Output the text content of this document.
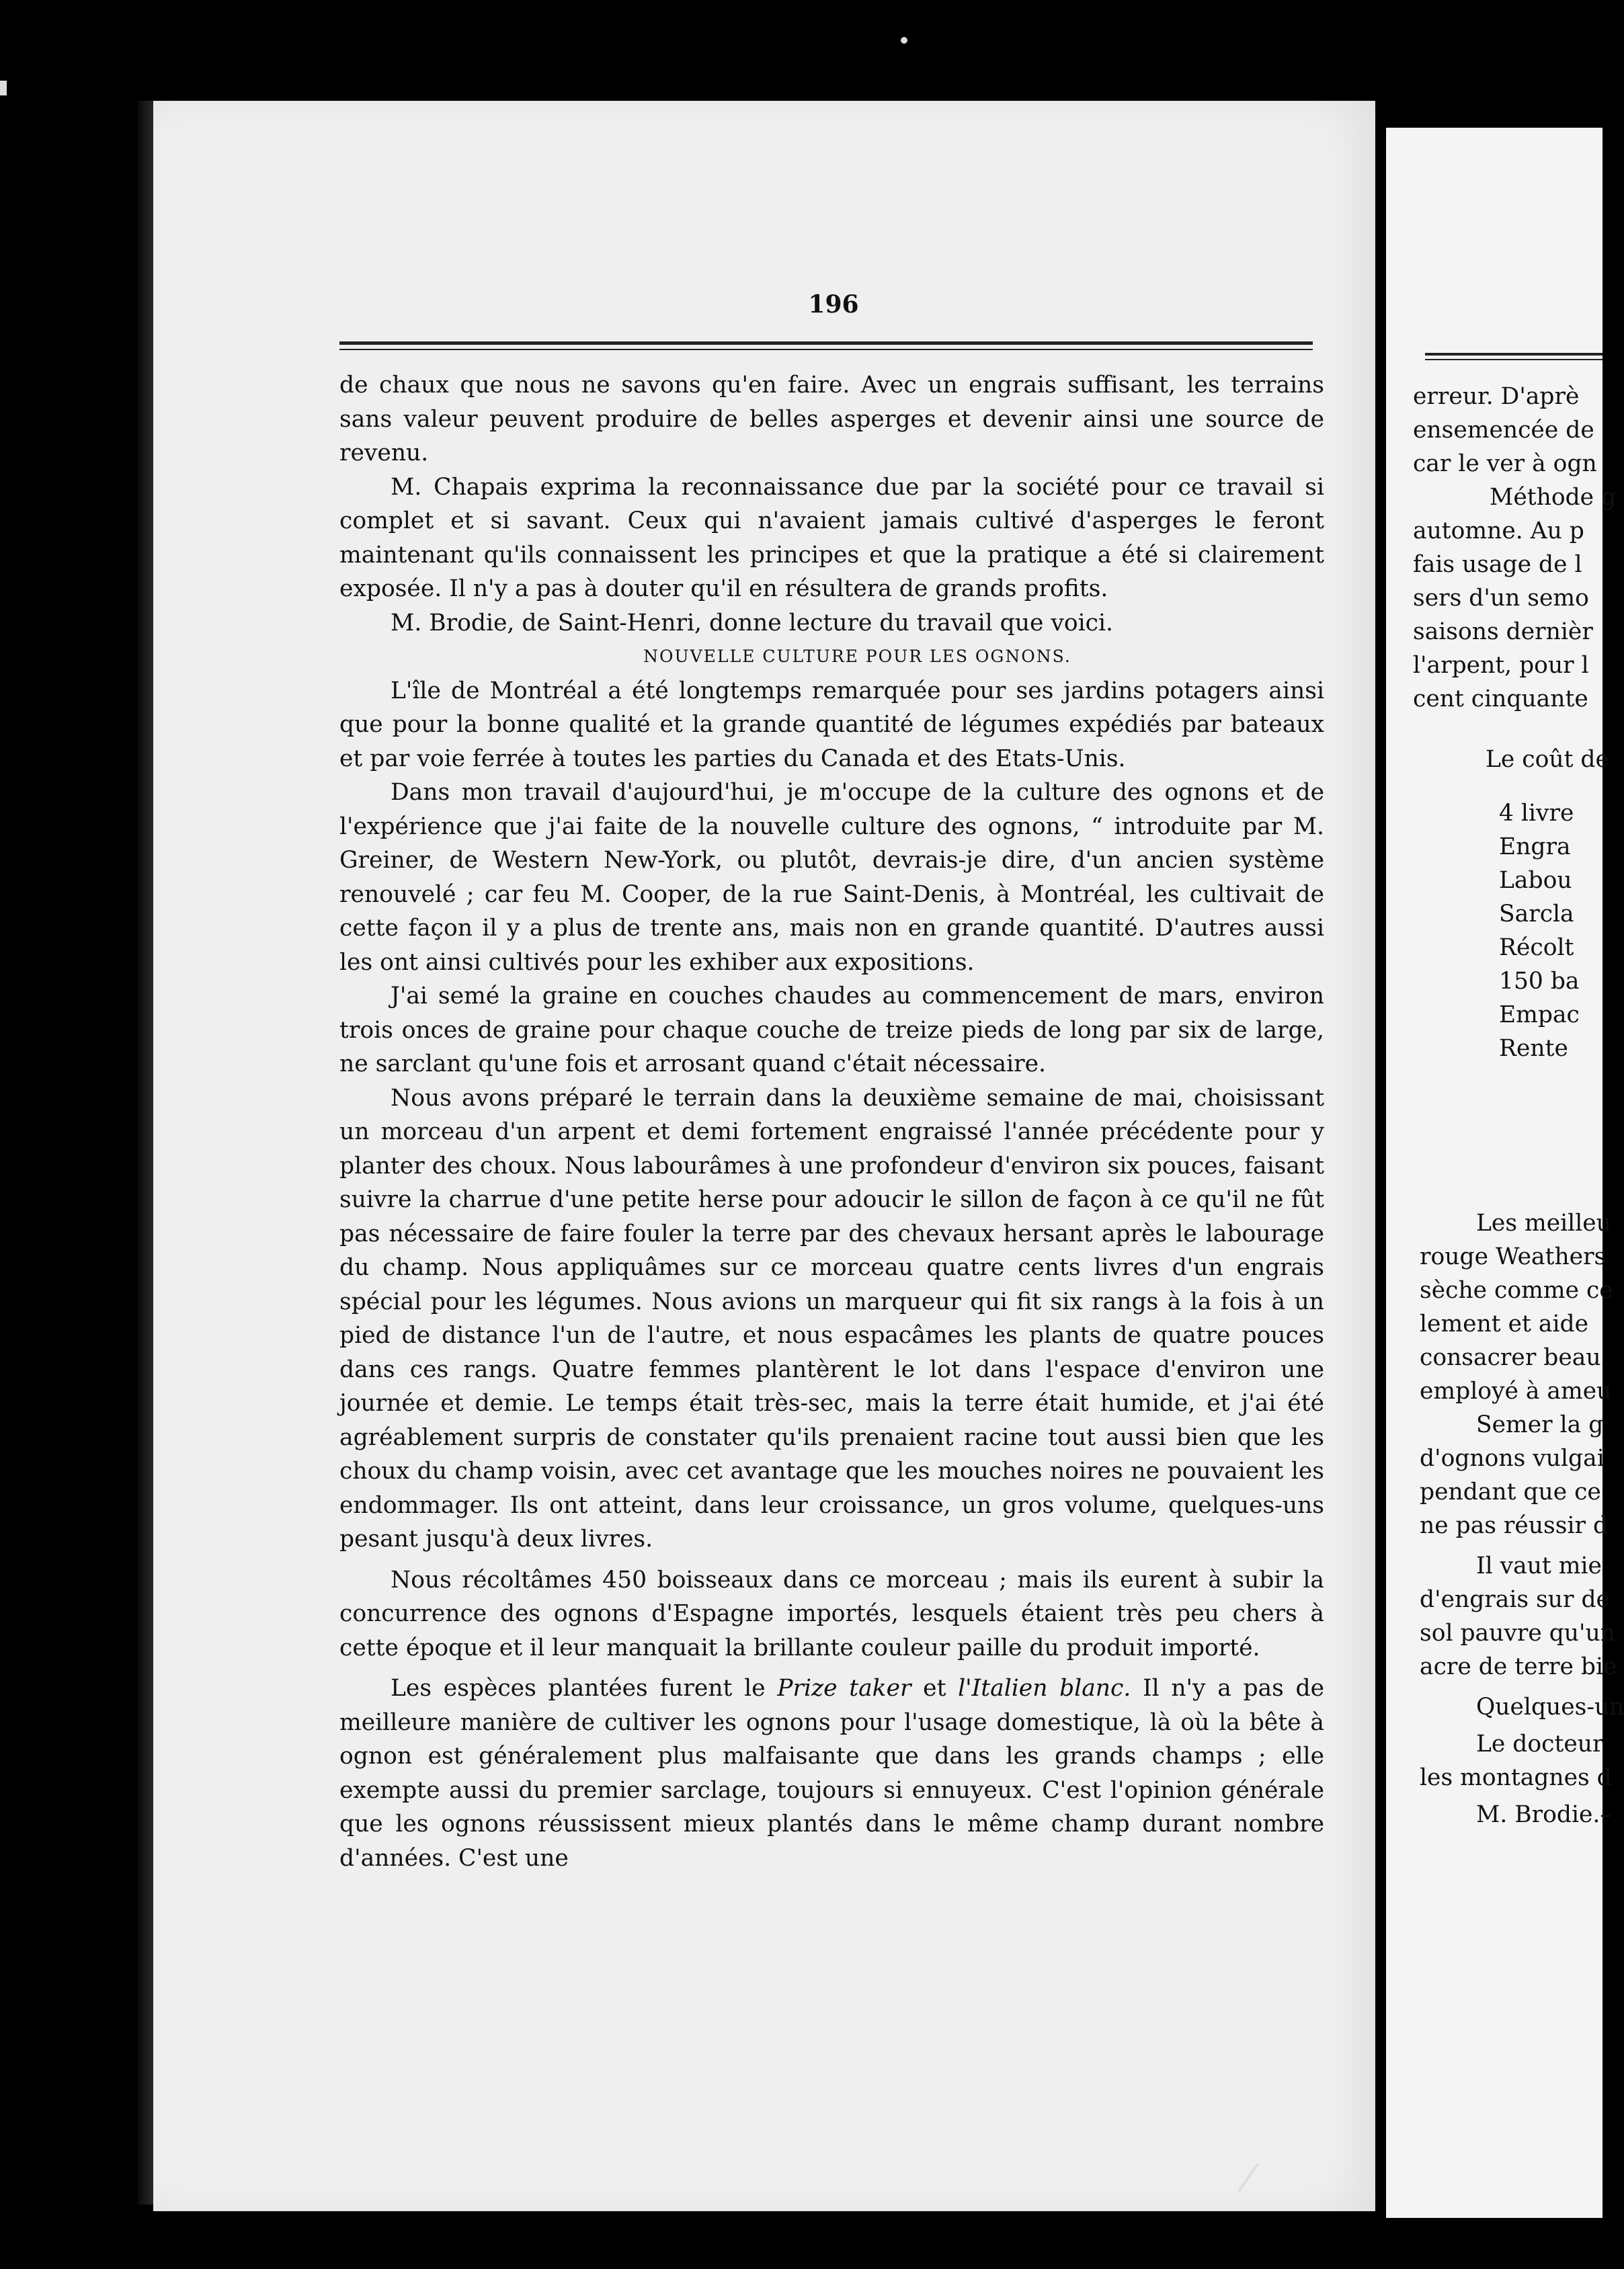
196

de chaux que nous ne savons qu'en faire. Avec un engrais suffisant, les terrains sans valeur peuvent produire de belles asperges et devenir ainsi une source de revenu.

M. Chapais exprima la reconnaissance due par la société pour ce travail si complet et si savant. Ceux qui n'avaient jamais cultivé d'asperges le feront maintenant qu'ils connaissent les principes et que la pratique a été si clairement exposée. Il n'y a pas à douter qu'il en résultera de grands profits.

M. Brodie, de Saint-Henri, donne lecture du travail que voici.

NOUVELLE CULTURE POUR LES OGNONS.

L'île de Montréal a été longtemps remarquée pour ses jardins potagers ainsi que pour la bonne qualité et la grande quantité de légumes expédiés par bateaux et par voie ferrée à toutes les parties du Canada et des Etats-Unis.

Dans mon travail d'aujourd'hui, je m'occupe de la culture des ognons et de l'expérience que j'ai faite de la nouvelle culture des ognons, “ introduite par M. Greiner, de Western New-York, ou plutôt, devrais-je dire, d'un ancien système renouvelé ; car feu M. Cooper, de la rue Saint-Denis, à Montréal, les cultivait de cette façon il y a plus de trente ans, mais non en grande quantité. D'autres aussi les ont ainsi cultivés pour les exhiber aux expositions.

J'ai semé la graine en couches chaudes au commencement de mars, environ trois onces de graine pour chaque couche de treize pieds de long par six de large, ne sarclant qu'une fois et arrosant quand c'était nécessaire.

Nous avons préparé le terrain dans la deuxième semaine de mai, choisissant un morceau d'un arpent et demi fortement engraissé l'année précédente pour y planter des choux. Nous labourâmes à une profondeur d'environ six pouces, faisant suivre la charrue d'une petite herse pour adoucir le sillon de façon à ce qu'il ne fût pas nécessaire de faire fouler la terre par des chevaux hersant après le labourage du champ. Nous appliquâmes sur ce morceau quatre cents livres d'un engrais spécial pour les légumes. Nous avions un marqueur qui fit six rangs à la fois à un pied de distance l'un de l'autre, et nous espacâmes les plants de quatre pouces dans ces rangs. Quatre femmes plantèrent le lot dans l'espace d'environ une journée et demie. Le temps était très-sec, mais la terre était humide, et j'ai été agréablement surpris de constater qu'ils prenaient racine tout aussi bien que les choux du champ voisin, avec cet avantage que les mouches noires ne pouvaient les endommager. Ils ont atteint, dans leur croissance, un gros volume, quelques-uns pesant jusqu'à deux livres.

Nous récoltâmes 450 boisseaux dans ce morceau ; mais ils eurent à subir la concurrence des ognons d'Espagne importés, lesquels étaient très peu chers à cette époque et il leur manquait la brillante couleur paille du produit importé.

Les espèces plantées furent le Prize taker et l'Italien blanc. Il n'y a pas de meilleure manière de cultiver les ognons pour l'usage domestique, là où la bête à ognon est généralement plus malfaisante que dans les grands champs ; elle exempte aussi du premier sarclage, toujours si ennuyeux. C'est l'opinion générale que les ognons réussissent mieux plantés dans le même champ durant nombre d'années. C'est une

erreur. D'aprè
ensemencée de
car le ver à ogn
Méthode g
automne. Au p
fais usage de l
sers d'un semo
saisons dernièr
l'arpent, pour l
cent cinquante
Le coût de
4 livre
Engra
Labou
Sarcla
Récolt
150 ba
Empac
Rente
Les meilleu
rouge Weathers
sèche comme ce
lement et aide
consacrer beau
employé à ameu
Semer la g
d'ognons vulgai
pendant que ce
ne pas réussir d
Il vaut mie
d'engrais sur de
sol pauvre qu'un
acre de terre bie
Quelques-un
Le docteur
les montagnes d
M. Brodie.–
